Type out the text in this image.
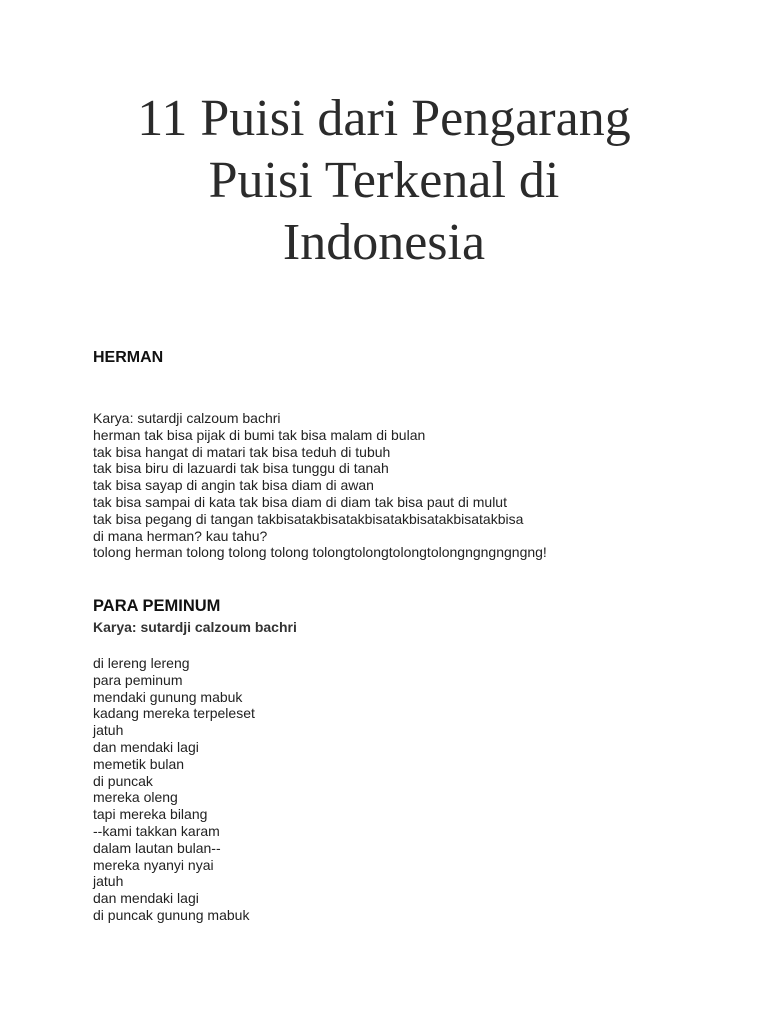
11 Puisi dari Pengarang
Puisi Terkenal di
Indonesia
HERMAN
Karya: sutardji calzoum bachri
herman tak bisa pijak di bumi tak bisa malam di bulan
tak bisa hangat di matari tak bisa teduh di tubuh
tak bisa biru di lazuardi tak bisa tunggu di tanah
tak bisa sayap di angin tak bisa diam di awan
tak bisa sampai di kata tak bisa diam di diam tak bisa paut di mulut
tak bisa pegang di tangan takbisatakbisatakbisatakbisatakbisatakbisa
di mana herman? kau tahu?
tolong herman tolong tolong tolong tolongtolongtolongtolongngngngngng!
PARA PEMINUM

Karya: sutardji calzoum bachri

di lereng lereng
para peminum
mendaki gunung mabuk
kadang mereka terpeleset
jatuh
dan mendaki lagi
memetik bulan
di puncak
mereka oleng
tapi mereka bilang
--kami takkan karam
dalam lautan bulan--
mereka nyanyi nyai
jatuh
dan mendaki lagi
di puncak gunung mabuk
